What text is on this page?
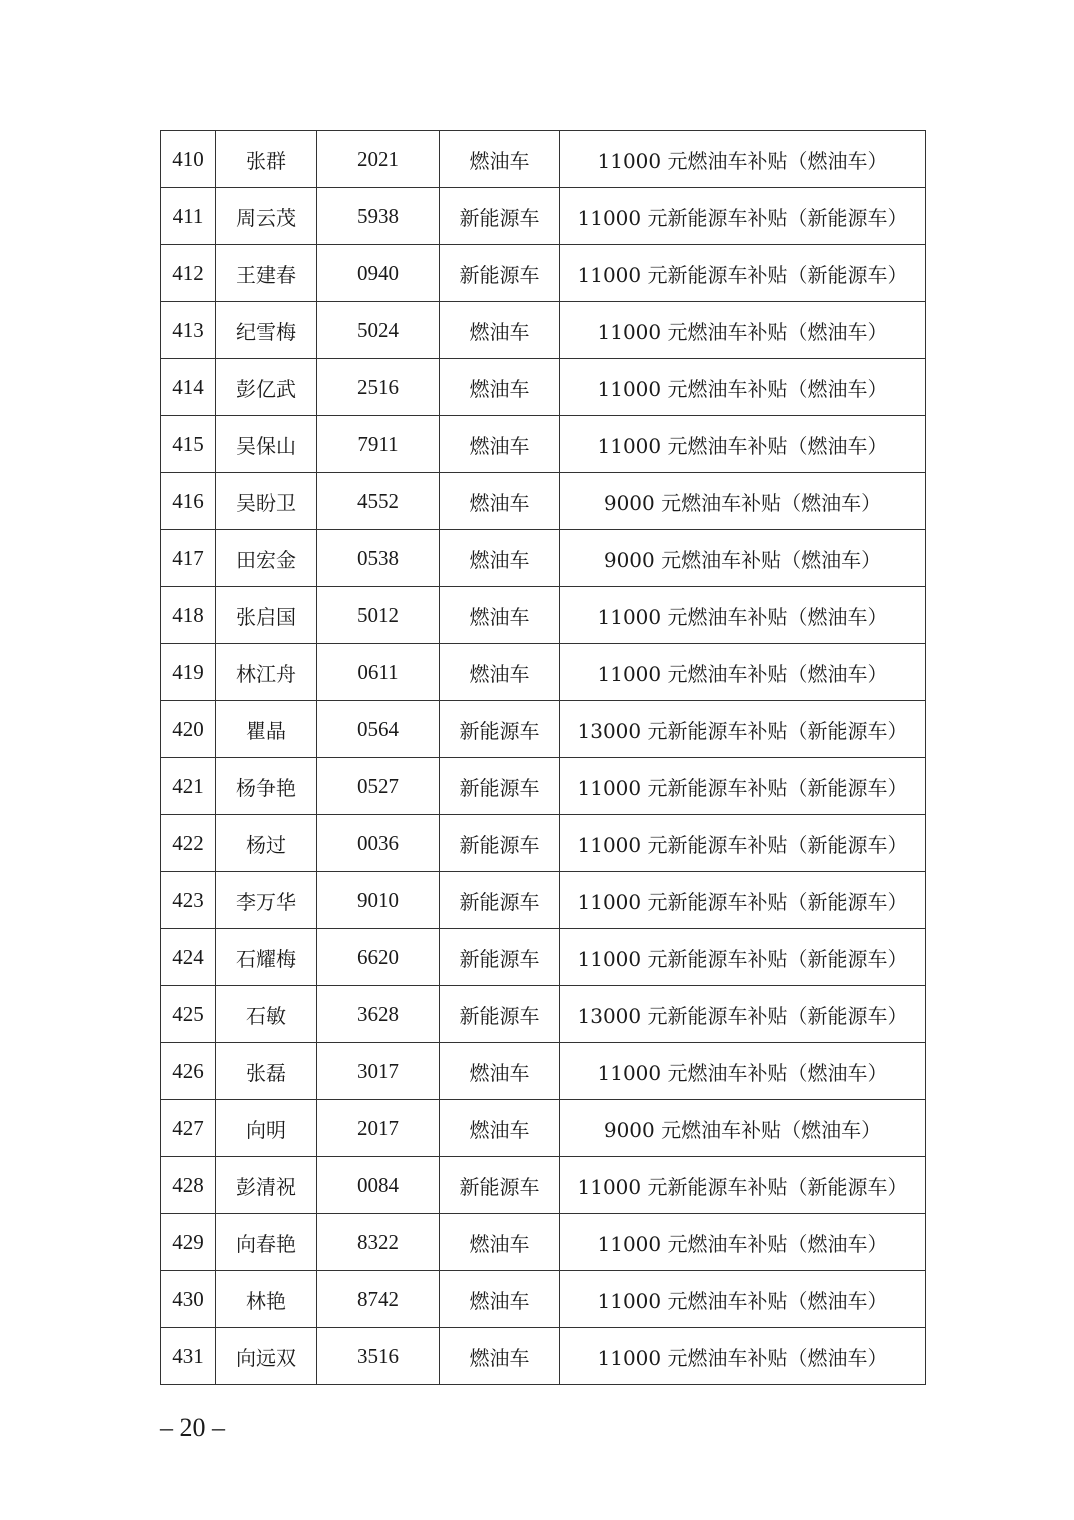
410	张群	2021	燃油车	11000 元燃油车补贴（燃油车）
411	周云茂	5938	新能源车	11000 元新能源车补贴（新能源车）
412	王建春	0940	新能源车	11000 元新能源车补贴（新能源车）
413	纪雪梅	5024	燃油车	11000 元燃油车补贴（燃油车）
414	彭亿武	2516	燃油车	11000 元燃油车补贴（燃油车）
415	吴保山	7911	燃油车	11000 元燃油车补贴（燃油车）
416	吴盼卫	4552	燃油车	9000 元燃油车补贴（燃油车）
417	田宏金	0538	燃油车	9000 元燃油车补贴（燃油车）
418	张启国	5012	燃油车	11000 元燃油车补贴（燃油车）
419	林江舟	0611	燃油车	11000 元燃油车补贴（燃油车）
420	瞿晶	0564	新能源车	13000 元新能源车补贴（新能源车）
421	杨争艳	0527	新能源车	11000 元新能源车补贴（新能源车）
422	杨过	0036	新能源车	11000 元新能源车补贴（新能源车）
423	李万华	9010	新能源车	11000 元新能源车补贴（新能源车）
424	石耀梅	6620	新能源车	11000 元新能源车补贴（新能源车）
425	石敏	3628	新能源车	13000 元新能源车补贴（新能源车）
426	张磊	3017	燃油车	11000 元燃油车补贴（燃油车）
427	向明	2017	燃油车	9000 元燃油车补贴（燃油车）
428	彭清祝	0084	新能源车	11000 元新能源车补贴（新能源车）
429	向春艳	8322	燃油车	11000 元燃油车补贴（燃油车）
430	林艳	8742	燃油车	11000 元燃油车补贴（燃油车）
431	向远双	3516	燃油车	11000 元燃油车补贴（燃油车）
– 20 –
